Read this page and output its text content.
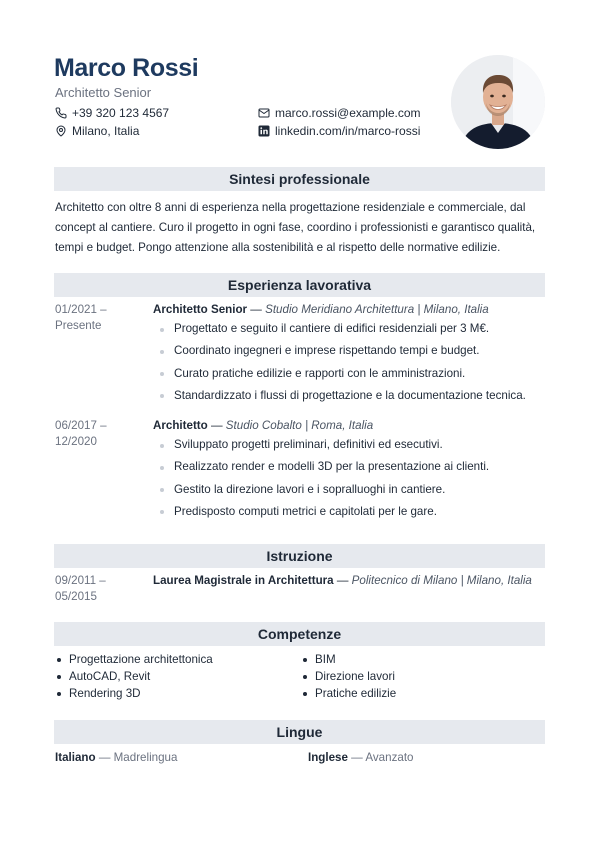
Marco Rossi
Architetto Senior
+39 320 123 4567
Milano, Italia
marco.rossi@example.com
linkedin.com/in/marco-rossi
Sintesi professionale
Architetto con oltre 8 anni di esperienza nella progettazione residenziale e commerciale, dal concept al cantiere. Curo il progetto in ogni fase, coordino i professionisti e garantisco qualità, tempi e budget. Pongo attenzione alla sostenibilità e al rispetto delle normative edilizie.
Esperienza lavorativa
01/2021 –
Presente
Architetto Senior — Studio Meridiano Architettura | Milano, Italia
Progettato e seguito il cantiere di edifici residenziali per 3 M€.
Coordinato ingegneri e imprese rispettando tempi e budget.
Curato pratiche edilizie e rapporti con le amministrazioni.
Standardizzato i flussi di progettazione e la documentazione tecnica.
06/2017 –
12/2020
Architetto — Studio Cobalto | Roma, Italia
Sviluppato progetti preliminari, definitivi ed esecutivi.
Realizzato render e modelli 3D per la presentazione ai clienti.
Gestito la direzione lavori e i sopralluoghi in cantiere.
Predisposto computi metrici e capitolati per le gare.
Istruzione
09/2011 –
05/2015
Laurea Magistrale in Architettura — Politecnico di Milano | Milano, Italia
Competenze
Progettazione architettonica
AutoCAD, Revit
Rendering 3D
BIM
Direzione lavori
Pratiche edilizie
Lingue
Italiano — Madrelingua	Inglese — Avanzato
